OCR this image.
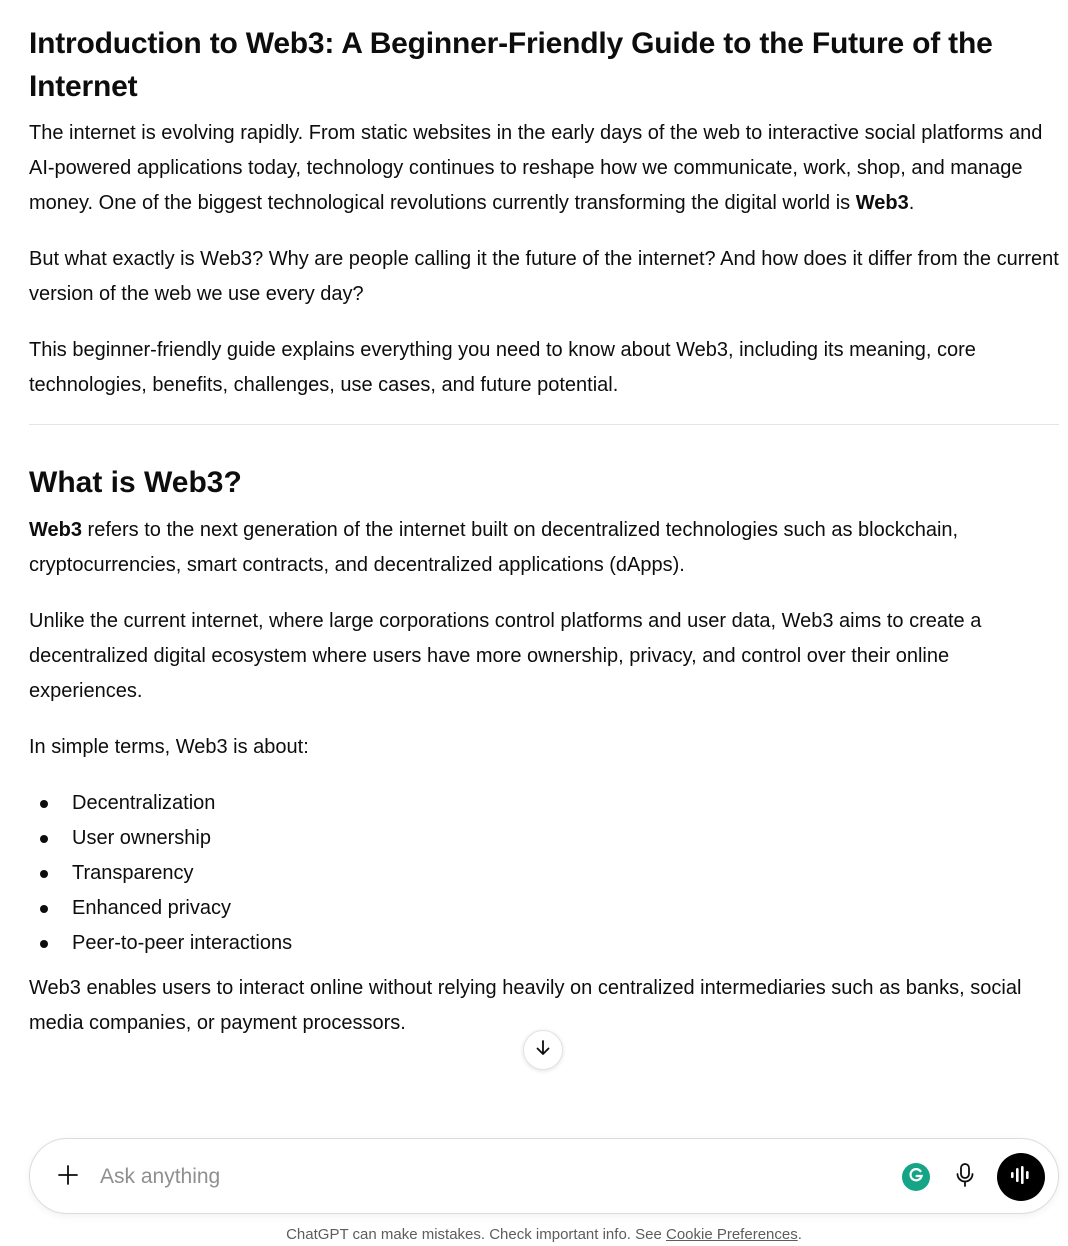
Introduction to Web3: A Beginner-Friendly Guide to the Future of the Internet

The internet is evolving rapidly. From static websites in the early days of the web to interactive social platforms and AI-powered applications today, technology continues to reshape how we communicate, work, shop, and manage money. One of the biggest technological revolutions currently transforming the digital world is Web3.

But what exactly is Web3? Why are people calling it the future of the internet? And how does it differ from the current version of the web we use every day?

This beginner-friendly guide explains everything you need to know about Web3, including its meaning, core technologies, benefits, challenges, use cases, and future potential.

What is Web3?

Web3 refers to the next generation of the internet built on decentralized technologies such as blockchain, cryptocurrencies, smart contracts, and decentralized applications (dApps).

Unlike the current internet, where large corporations control platforms and user data, Web3 aims to create a decentralized digital ecosystem where users have more ownership, privacy, and control over their online experiences.

In simple terms, Web3 is about:

Decentralization
User ownership
Transparency
Enhanced privacy
Peer-to-peer interactions

Web3 enables users to interact online without relying heavily on centralized intermediaries such as banks, social media companies, or payment processors.

Ask anything
ChatGPT can make mistakes. Check important info. See Cookie Preferences.
